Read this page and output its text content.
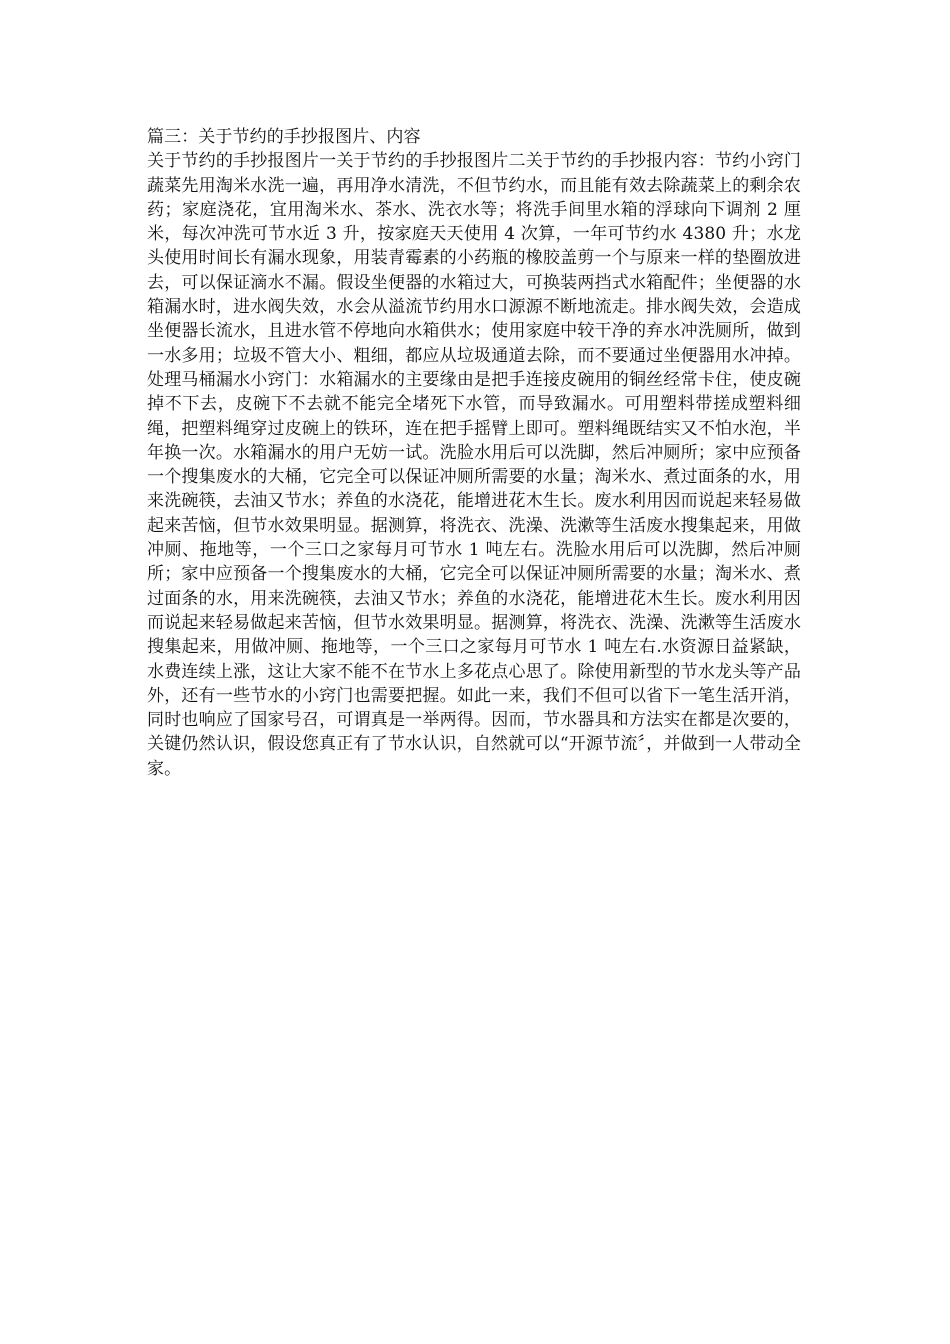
篇三：关于节约的手抄报图片、内容

关于节约的手抄报图片一关于节约的手抄报图片二关于节约的手抄报内容：节约小窍门蔬菜先用淘米水洗一遍，再用净水清洗，不但节约水，而且能有效去除蔬菜上的剩余农药；家庭浇花，宜用淘米水、茶水、洗衣水等；将洗手间里水箱的浮球向下调剂 2 厘米，每次冲洗可节水近 3 升，按家庭天天使用 4 次算，一年可节约水 4380 升；水龙头使用时间长有漏水现象，用装青霉素的小药瓶的橡胶盖剪一个与原来一样的垫圈放进去，可以保证滴水不漏。假设坐便器的水箱过大，可换装两挡式水箱配件；坐便器的水箱漏水时，进水阀失效，水会从溢流节约用水口源源不断地流走。排水阀失效，会造成坐便器长流水，且进水管不停地向水箱供水；使用家庭中较干净的弃水冲洗厕所，做到一水多用；垃圾不管大小、粗细，都应从垃圾通道去除，而不要通过坐便器用水冲掉。处理马桶漏水小窍门：水箱漏水的主要缘由是把手连接皮碗用的铜丝经常卡住，使皮碗掉不下去，皮碗下不去就不能完全堵死下水管，而导致漏水。可用塑料带搓成塑料细绳，把塑料绳穿过皮碗上的铁环，连在把手摇臂上即可。塑料绳既结实又不怕水泡，半年换一次。水箱漏水的用户无妨一试。洗脸水用后可以洗脚，然后冲厕所；家中应预备一个搜集废水的大桶，它完全可以保证冲厕所需要的水量；淘米水、煮过面条的水，用来洗碗筷，去油又节水；养鱼的水浇花，能增进花木生长。废水利用因而说起来轻易做起来苦恼，但节水效果明显。据测算，将洗衣、洗澡、洗漱等生活废水搜集起来，用做冲厕、拖地等，一个三口之家每月可节水 1 吨左右。洗脸水用后可以洗脚，然后冲厕所；家中应预备一个搜集废水的大桶，它完全可以保证冲厕所需要的水量；淘米水、煮过面条的水，用来洗碗筷，去油又节水；养鱼的水浇花，能增进花木生长。废水利用因而说起来轻易做起来苦恼，但节水效果明显。据测算，将洗衣、洗澡、洗漱等生活废水搜集起来，用做冲厕、拖地等，一个三口之家每月可节水 1 吨左右.水资源日益紧缺，水费连续上涨，这让大家不能不在节水上多花点心思了。除使用新型的节水龙头等产品外，还有一些节水的小窍门也需要把握。如此一来，我们不但可以省下一笔生活开消，同时也响应了国家号召，可谓真是一举两得。因而，节水器具和方法实在都是次要的，关键仍然认识，假设您真正有了节水认识，自然就可以“开源节流〞，并做到一人带动全家。
